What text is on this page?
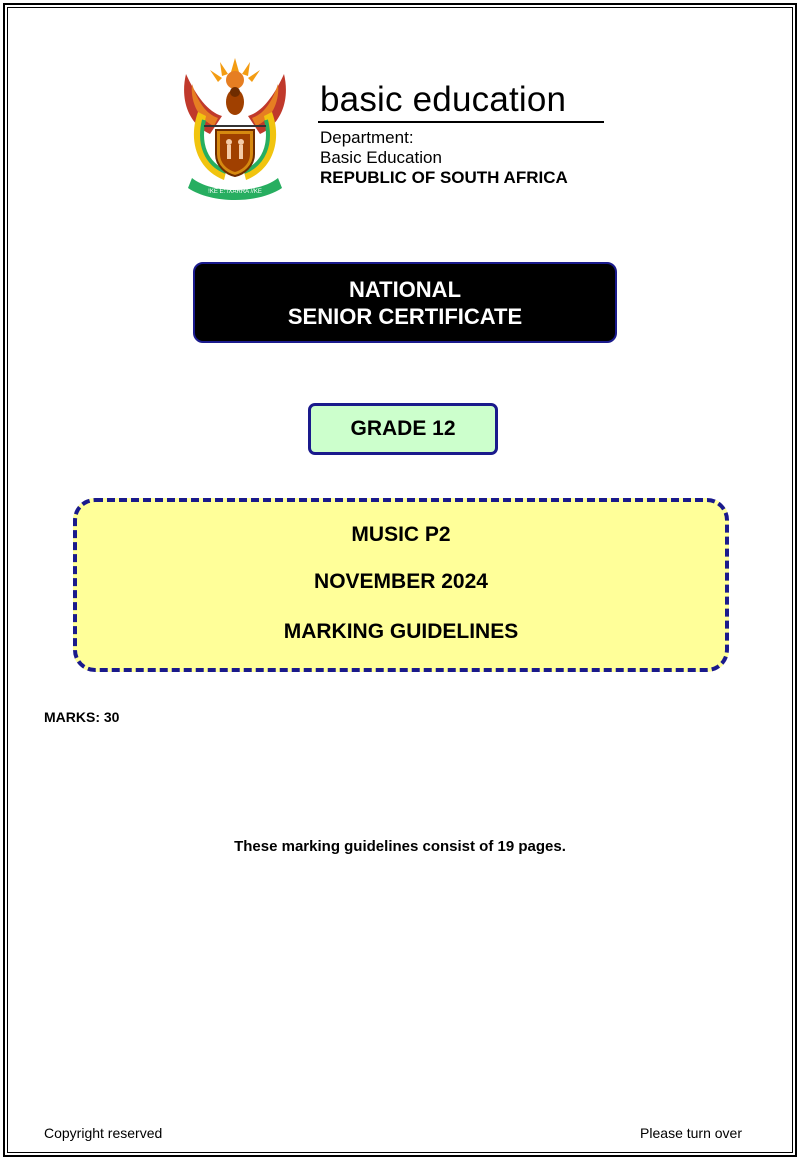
!KE E: /XARRA //KE
basic education
Department:
Basic Education
REPUBLIC OF SOUTH AFRICA
NATIONAL
SENIOR CERTIFICATE
GRADE 12
MUSIC P2
NOVEMBER 2024
MARKING GUIDELINES
MARKS: 30
These marking guidelines consist of 19 pages.
Copyright reserved	Please turn over
